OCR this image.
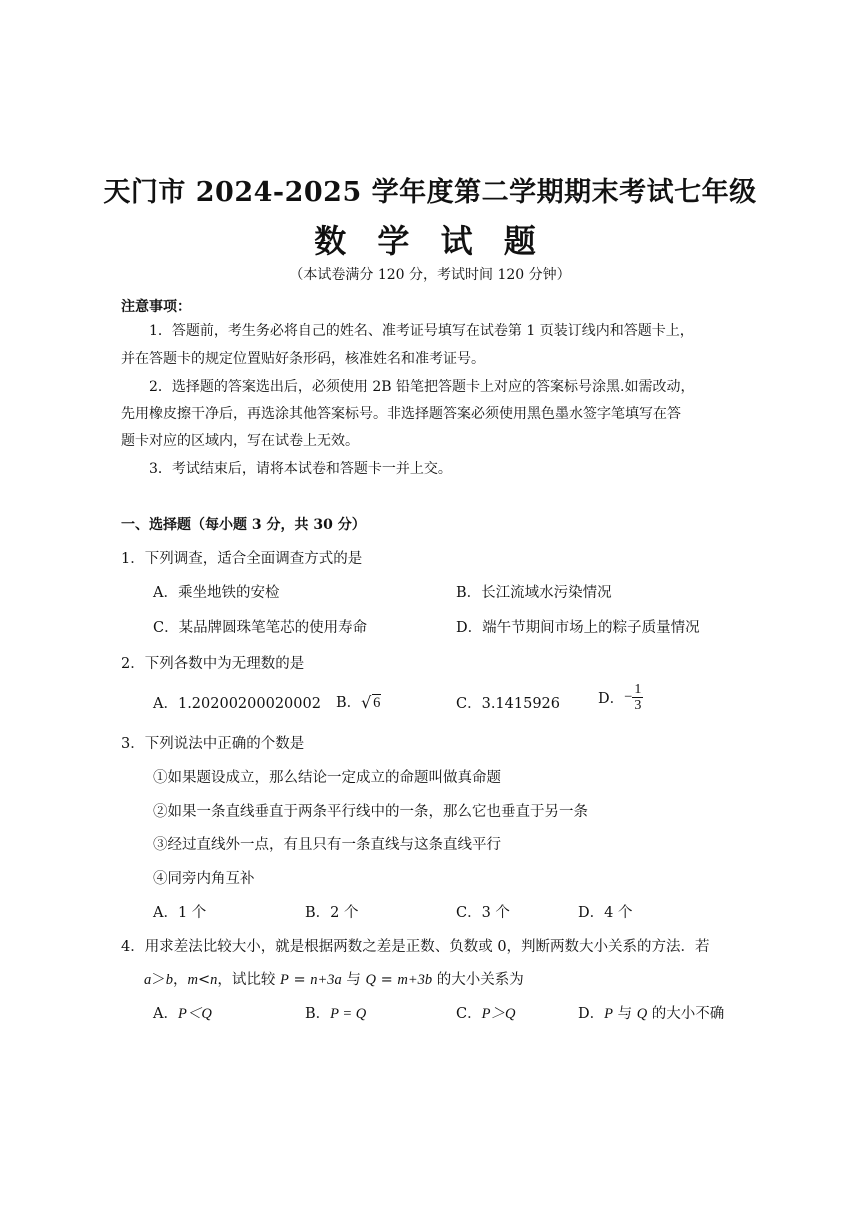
天门市 2024-2025 学年度第二学期期末考试七年级
数 学 试 题
（本试卷满分 120 分，考试时间 120 分钟）
注意事项：
1．答题前，考生务必将自己的姓名、准考证号填写在试卷第 1 页装订线内和答题卡上，
并在答题卡的规定位置贴好条形码，核准姓名和准考证号。
2．选择题的答案选出后，必须使用 2B 铅笔把答题卡上对应的答案标号涂黑.如需改动，
先用橡皮擦干净后，再选涂其他答案标号。非选择题答案必须使用黑色墨水签字笔填写在答
题卡对应的区域内，写在试卷上无效。
3．考试结束后，请将本试卷和答题卡一并上交。
一、选择题（每小题 3 分，共 30 分）
1．下列调查，适合全面调查方式的是
A．乘坐地铁的安检	B．长江流域水污染情况
C．某品牌圆珠笔笔芯的使用寿命	D．端午节期间市场上的粽子质量情况
2．下列各数中为无理数的是
A．1.20200200020002 B． √ 6	C．3.1415926	D．− $\frac{1}{3}$
3．下列说法中正确的个数是
①如果题设成立，那么结论一定成立的命题叫做真命题
②如果一条直线垂直于两条平行线中的一条，那么它也垂直于另一条
③经过直线外一点，有且只有一条直线与这条直线平行
④同旁内角互补
A．1 个	B．2 个	C．3 个	D．4 个
4．用求差法比较大小，就是根据两数之差是正数、负数或 0，判断两数大小关系的方法．若
a＞b，m<n，试比较 P = n+3a 与 Q = m+3b 的大小关系为
A．P＜Q	B．P = Q	C．P＞Q	D．P 与 Q 的大小不确
